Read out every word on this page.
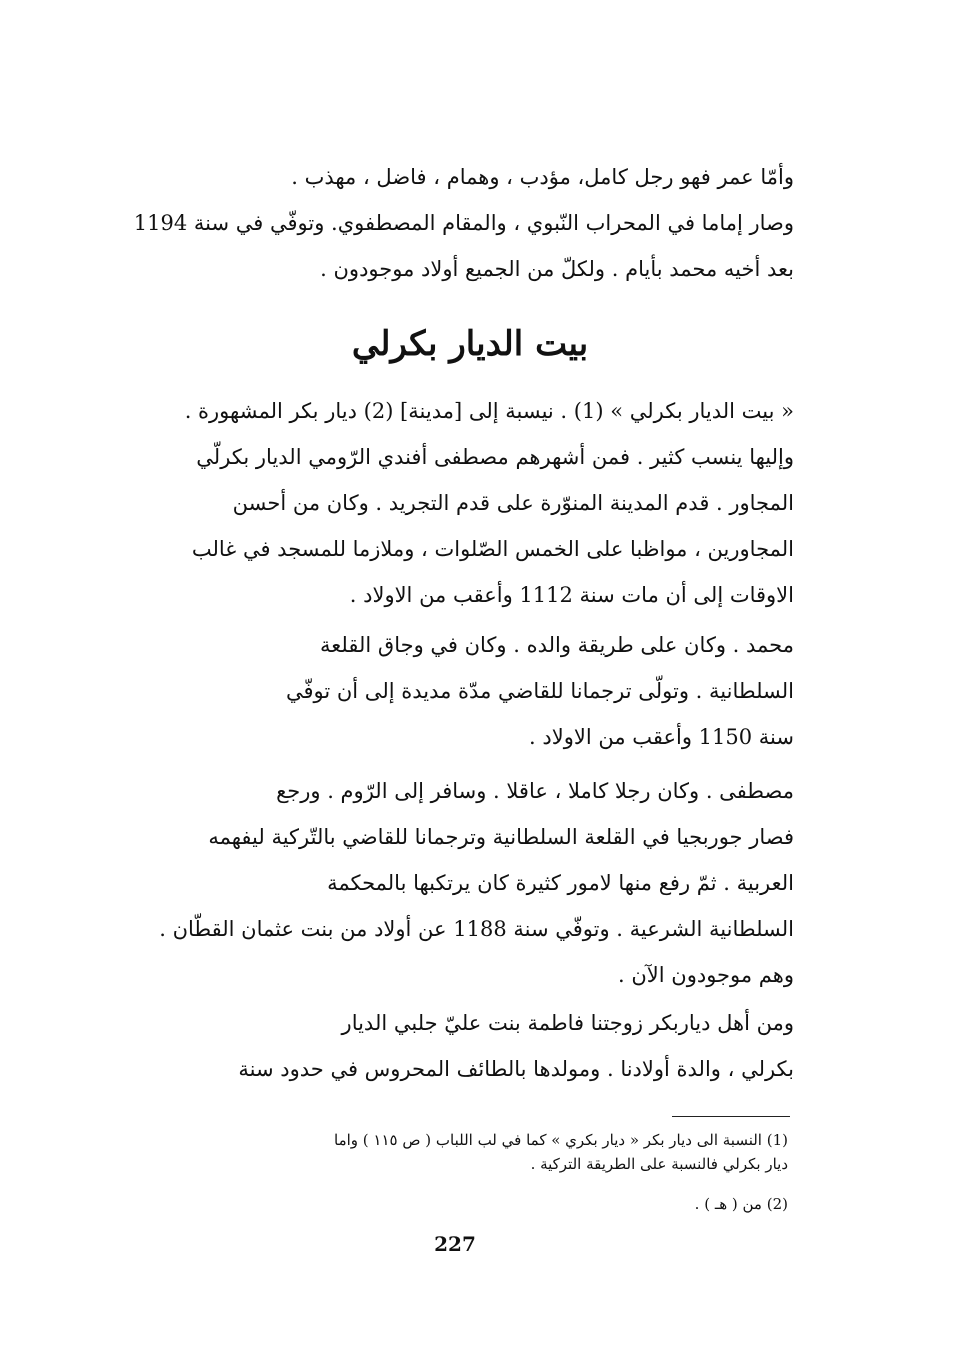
وأمّا عمر فهو رجل كامل، مؤدب ، وهمام ، فاضل ، مهذب .
وصار إماما في المحراب النّبوي ، والمقام المصطفوي. وتوفّي في سنة 1194
بعد أخيه محمد بأيام . ولكلّ من الجميع أولاد موجودون .
بيت الديار بكرلي
« بيت الديار بكرلي » (1) . نيسبة إلى [مدينة] (2) ديار بكر المشهورة .
وإليها ينسب كثير . فمن أشهرهم مصطفى أفندي الرّومي الديار بكرلّي
المجاور . قدم المدينة المنوّرة على قدم التجريد . وكان من أحسن
المجاورين ، مواظبا على الخمس الصّلوات ، وملازما للمسجد في غالب
الاوقات إلى أن مات سنة 1112 وأعقب من الاولاد .
محمد . وكان على طريقة والده . وكان في وجاق القلعة
السلطانية . وتولّى ترجمانا للقاضي مدّة مديدة إلى أن توفّي
سنة 1150 وأعقب من الاولاد .
مصطفى . وكان رجلا كاملا ، عاقلا . وسافر إلى الرّوم . ورجع
فصار جوربجيا في القلعة السلطانية وترجمانا للقاضي بالتّركية ليفهمه
العربية . ثمّ رفع منها لامور كثيرة كان يرتكبها بالمحكمة
السلطانية الشرعية . وتوفّي سنة 1188 عن أولاد من بنت عثمان القطّان .
وهم موجودون الآن .
ومن أهل دياربكر زوجتنا فاطمة بنت عليّ جلبي الديار
بكرلي ، والدة أولادنا . ومولدها بالطائف المحروس في حدود سنة
(1) النسبة الى ديار بكر « ديار بكري » كما في لب اللباب ( ص ١١٥ ) واما
ديار بكرلي فالنسبة على الطريقة التركية .
(2) من ( هـ ) .
227
